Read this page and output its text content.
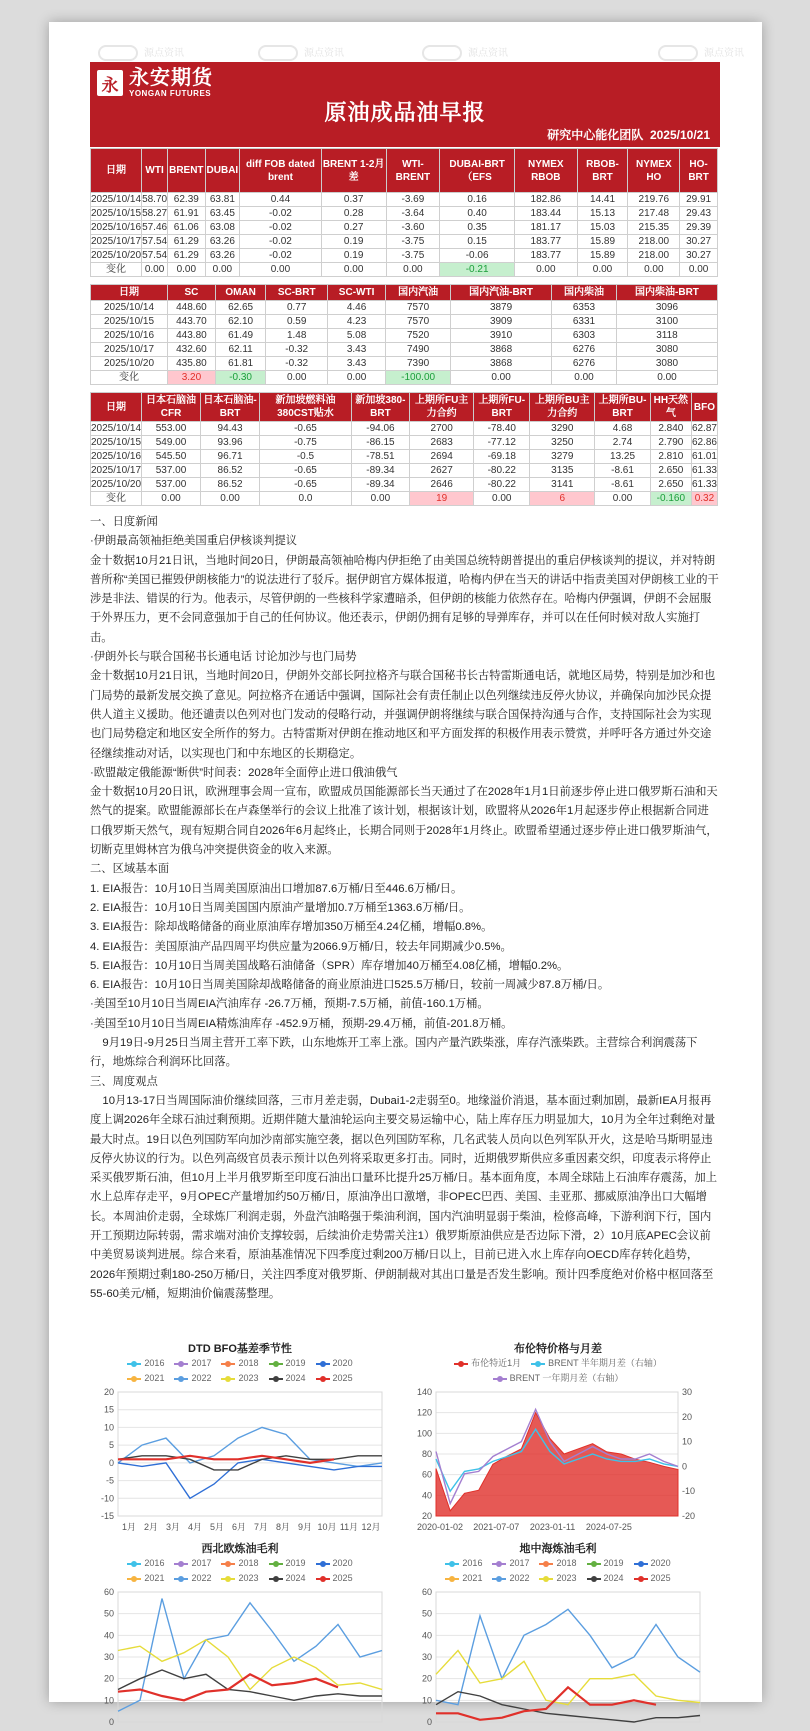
源点资讯	源点资讯	源点资讯	源点资讯
永 永安期货
YONGAN FUTURES
原油成品油早报
研究中心能化团队 2025/10/21
日期	WTI	BRENT	DUBAI	diff FOB dated brent	BRENT 1-2月差	WTI-BRENT	DUBAI-BRT（EFS	NYMEX RBOB	RBOB-BRT	NYMEX HO	HO-BRT
2025/10/14	58.70	62.39	63.81	0.44	0.37	-3.69	0.16	182.86	14.41	219.76	29.91
2025/10/15	58.27	61.91	63.45	-0.02	0.28	-3.64	0.40	183.44	15.13	217.48	29.43
2025/10/16	57.46	61.06	63.08	-0.02	0.27	-3.60	0.35	181.17	15.03	215.35	29.39
2025/10/17	57.54	61.29	63.26	-0.02	0.19	-3.75	0.15	183.77	15.89	218.00	30.27
2025/10/20	57.54	61.29	63.26	-0.02	0.19	-3.75	-0.06	183.77	15.89	218.00	30.27
变化	0.00	0.00	0.00	0.00	0.00	0.00	-0.21	0.00	0.00	0.00	0.00
日期	SC	OMAN	SC-BRT	SC-WTI	国内汽油	国内汽油-BRT	国内柴油	国内柴油-BRT
2025/10/14	448.60	62.65	0.77	4.46	7570	3879	6353	3096
2025/10/15	443.70	62.10	0.59	4.23	7570	3909	6331	3100
2025/10/16	443.80	61.49	1.48	5.08	7520	3910	6303	3118
2025/10/17	432.60	62.11	-0.32	3.43	7490	3868	6276	3080
2025/10/20	435.80	61.81	-0.32	3.43	7390	3868	6276	3080
变化	3.20	-0.30	0.00	0.00	-100.00	0.00	0.00	0.00
日期	日本石脑油CFR	日本石脑油-BRT	新加坡燃料油380CST贴水	新加坡380-BRT	上期所FU主力合约	上期所FU-BRT	上期所BU主力合约	上期所BU-BRT	HH天然气	BFO
2025/10/14	553.00	94.43	-0.65	-94.06	2700	-78.40	3290	4.68	2.840	62.87
2025/10/15	549.00	93.96	-0.75	-86.15	2683	-77.12	3250	2.74	2.790	62.86
2025/10/16	545.50	96.71	-0.5	-78.51	2694	-69.18	3279	13.25	2.810	61.01
2025/10/17	537.00	86.52	-0.65	-89.34	2627	-80.22	3135	-8.61	2.650	61.33
2025/10/20	537.00	86.52	-0.65	-89.34	2646	-80.22	3141	-8.61	2.650	61.33
变化	0.00	0.00	0.0	0.00	19	0.00	6	0.00	-0.160	0.32

一、日度新闻

·伊朗最高领袖拒绝美国重启伊核谈判提议

金十数据10月21日讯，当地时间20日，伊朗最高领袖哈梅内伊拒绝了由美国总统特朗普提出的重启伊核谈判的提议，并对特朗普所称“美国已摧毁伊朗核能力”的说法进行了驳斥。据伊朗官方媒体报道，哈梅内伊在当天的讲话中指责美国对伊朗核工业的干涉是非法、错误的行为。他表示，尽管伊朗的一些核科学家遭暗杀，但伊朗的核能力依然存在。哈梅内伊强调，伊朗不会屈服于外界压力，更不会同意强加于自己的任何协议。他还表示，伊朗仍拥有足够的导弹库存，并可以在任何时候对敌人实施打击。

·伊朗外长与联合国秘书长通电话 讨论加沙与也门局势

金十数据10月21日讯，当地时间20日，伊朗外交部长阿拉格齐与联合国秘书长古特雷斯通电话，就地区局势，特别是加沙和也门局势的最新发展交换了意见。阿拉格齐在通话中强调，国际社会有责任制止以色列继续违反停火协议，并确保向加沙民众提供人道主义援助。他还谴责以色列对也门发动的侵略行动，并强调伊朗将继续与联合国保持沟通与合作，支持国际社会为实现也门局势稳定和地区安全所作的努力。古特雷斯对伊朗在推动地区和平方面发挥的积极作用表示赞赏，并呼吁各方通过外交途径继续推动对话，以实现也门和中东地区的长期稳定。

·欧盟敲定俄能源“断供”时间表：2028年全面停止进口俄油俄气

金十数据10月20日讯，欧洲理事会周一宣布，欧盟成员国能源部长当天通过了在2028年1月1日前逐步停止进口俄罗斯石油和天然气的提案。欧盟能源部长在卢森堡举行的会议上批准了该计划，根据该计划，欧盟将从2026年1月起逐步停止根据新合同进口俄罗斯天然气，现有短期合同自2026年6月起终止，长期合同则于2028年1月终止。欧盟希望通过逐步停止进口俄罗斯油气，切断克里姆林宫为俄乌冲突提供资金的收入来源。

二、区域基本面

1. EIA报告：10月10日当周美国原油出口增加87.6万桶/日至446.6万桶/日。

2. EIA报告：10月10日当周美国国内原油产量增加0.7万桶至1363.6万桶/日。

3. EIA报告：除却战略储备的商业原油库存增加350万桶至4.24亿桶，增幅0.8%。

4. EIA报告：美国原油产品四周平均供应量为2066.9万桶/日，较去年同期减少0.5%。

5. EIA报告：10月10日当周美国战略石油储备（SPR）库存增加40万桶至4.08亿桶，增幅0.2%。

6. EIA报告：10月10日当周美国除却战略储备的商业原油进口525.5万桶/日，较前一周减少87.8万桶/日。

·美国至10月10日当周EIA汽油库存 -26.7万桶，预期-7.5万桶，前值-160.1万桶。

·美国至10月10日当周EIA精炼油库存 -452.9万桶，预期-29.4万桶，前值-201.8万桶。

9月19日-9月25日当周主营开工率下跌，山东地炼开工率上涨。国内产量汽跌柴涨，库存汽涨柴跌。主营综合利润震荡下行，地炼综合利润环比回落。

三、周度观点

10月13-17日当周国际油价继续回落，三市月差走弱，Dubai1-2走弱至0。地缘溢价消退，基本面过剩加剧，最新IEA月报再度上调2026年全球石油过剩预期。近期伴随大量油轮运向主要交易运输中心，陆上库存压力明显加大，10月为全年过剩绝对量最大时点。19日以色列国防军向加沙南部实施空袭，据以色列国防军称，几名武装人员向以色列军队开火，这是哈马斯明显违反停火协议的行为。以色列高级官员表示预计以色列将采取更多打击。同时，近期俄罗斯供应多重因素交织，印度表示将停止采买俄罗斯石油，但10月上半月俄罗斯至印度石油出口量环比提升25万桶/日。基本面角度，本周全球陆上石油库存震荡，加上水上总库存走平，9月OPEC产量增加约50万桶/日，原油净出口激增，非OPEC巴西、美国、圭亚那、挪威原油净出口大幅增长。本周油价走弱，全球炼厂利润走弱，外盘汽油略强于柴油利润，国内汽油明显弱于柴油，检修高峰，下游利润下行，国内开工预期边际转弱，需求端对油价支撑较弱，后续油价走势需关注1）俄罗斯原油供应是否边际下滑，2）10月底APEC会议前中美贸易谈判进展。综合来看，原油基准情况下四季度过剩200万桶/日以上，目前已进入水上库存向OECD库存转化趋势，2026年预期过剩180-250万桶/日，关注四季度对俄罗斯、伊朗制裁对其出口量是否发生影响。预计四季度绝对价格中枢回落至55-60美元/桶，短期油价偏震荡整理。

DTD BFO基差季节性
2016	2017	2018	2019	2020
2021	2022	2023	2024	2025
20
15
10
5
0
-5
-10
-15
1月 2月 3月 4月 5月 6月 7月 8月 9月 10月 11月 12月
布伦特价格与月差
布伦特近1月	BRENT 半年期月差（右轴）
BRENT 一年期月差（右轴）
140
120
100
80
60
40
20
30
20
10
0
-10
-20
2020-01-02 2021-07-07 2023-01-11 2024-07-25
西北欧炼油毛利
2016	2017	2018	2019	2020
2021	2022	2023	2024	2025
60
50
40
30
20
10
0
地中海炼油毛利
2016	2017	2018	2019	2020
2021	2022	2023	2024	2025
60
50
40
30
20
10
0
